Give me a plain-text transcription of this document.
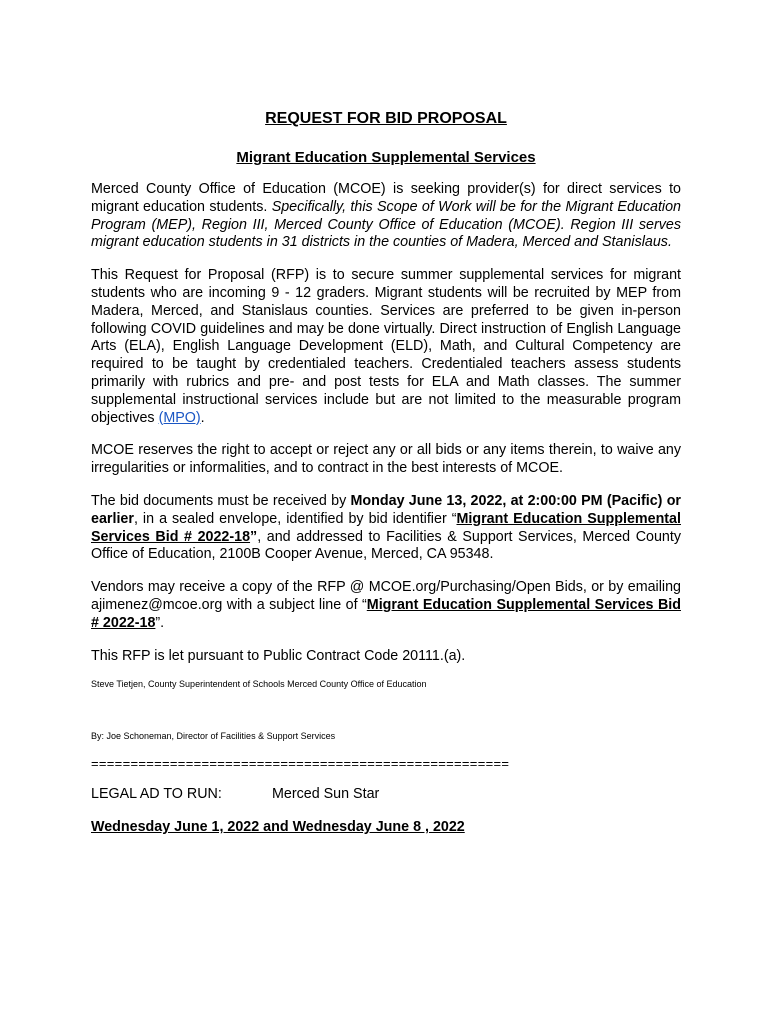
REQUEST FOR BID PROPOSAL
Migrant Education Supplemental Services

Merced County Office of Education (MCOE) is seeking provider(s) for direct services to migrant education students. Specifically, this Scope of Work will be for the Migrant Education Program (MEP), Region III, Merced County Office of Education (MCOE). Region III serves migrant education students in 31 districts in the counties of Madera, Merced and Stanislaus.

This Request for Proposal (RFP) is to secure summer supplemental services for migrant students who are incoming 9 - 12 graders. Migrant students will be recruited by MEP from Madera, Merced, and Stanislaus counties. Services are preferred to be given in-person following COVID guidelines and may be done virtually. Direct instruction of English Language Arts (ELA), English Language Development (ELD), Math, and Cultural Competency are required to be taught by credentialed teachers. Credentialed teachers assess students primarily with rubrics and pre- and post tests for ELA and Math classes. The summer supplemental instructional services include but are not limited to the measurable program objectives (MPO).

MCOE reserves the right to accept or reject any or all bids or any items therein, to waive any irregularities or informalities, and to contract in the best interests of MCOE.

The bid documents must be received by Monday June 13, 2022, at 2:00:00 PM (Pacific) or earlier, in a sealed envelope, identified by bid identifier “Migrant Education Supplemental Services Bid # 2022-18”, and addressed to Facilities & Support Services, Merced County Office of Education, 2100B Cooper Avenue, Merced, CA 95348.

Vendors may receive a copy of the RFP @ MCOE.org/Purchasing/Open Bids, or by emailing ajimenez@mcoe.org with a subject line of “Migrant Education Supplemental Services Bid # 2022-18”.

This RFP is let pursuant to Public Contract Code 20111.(a).

Steve Tietjen, County Superintendent of Schools Merced County Office of Education

By: Joe Schoneman, Director of Facilities & Support Services

=====================================================
LEGAL AD TO RUN:	Merced Sun Star
Wednesday June 1, 2022 and Wednesday June 8 , 2022
